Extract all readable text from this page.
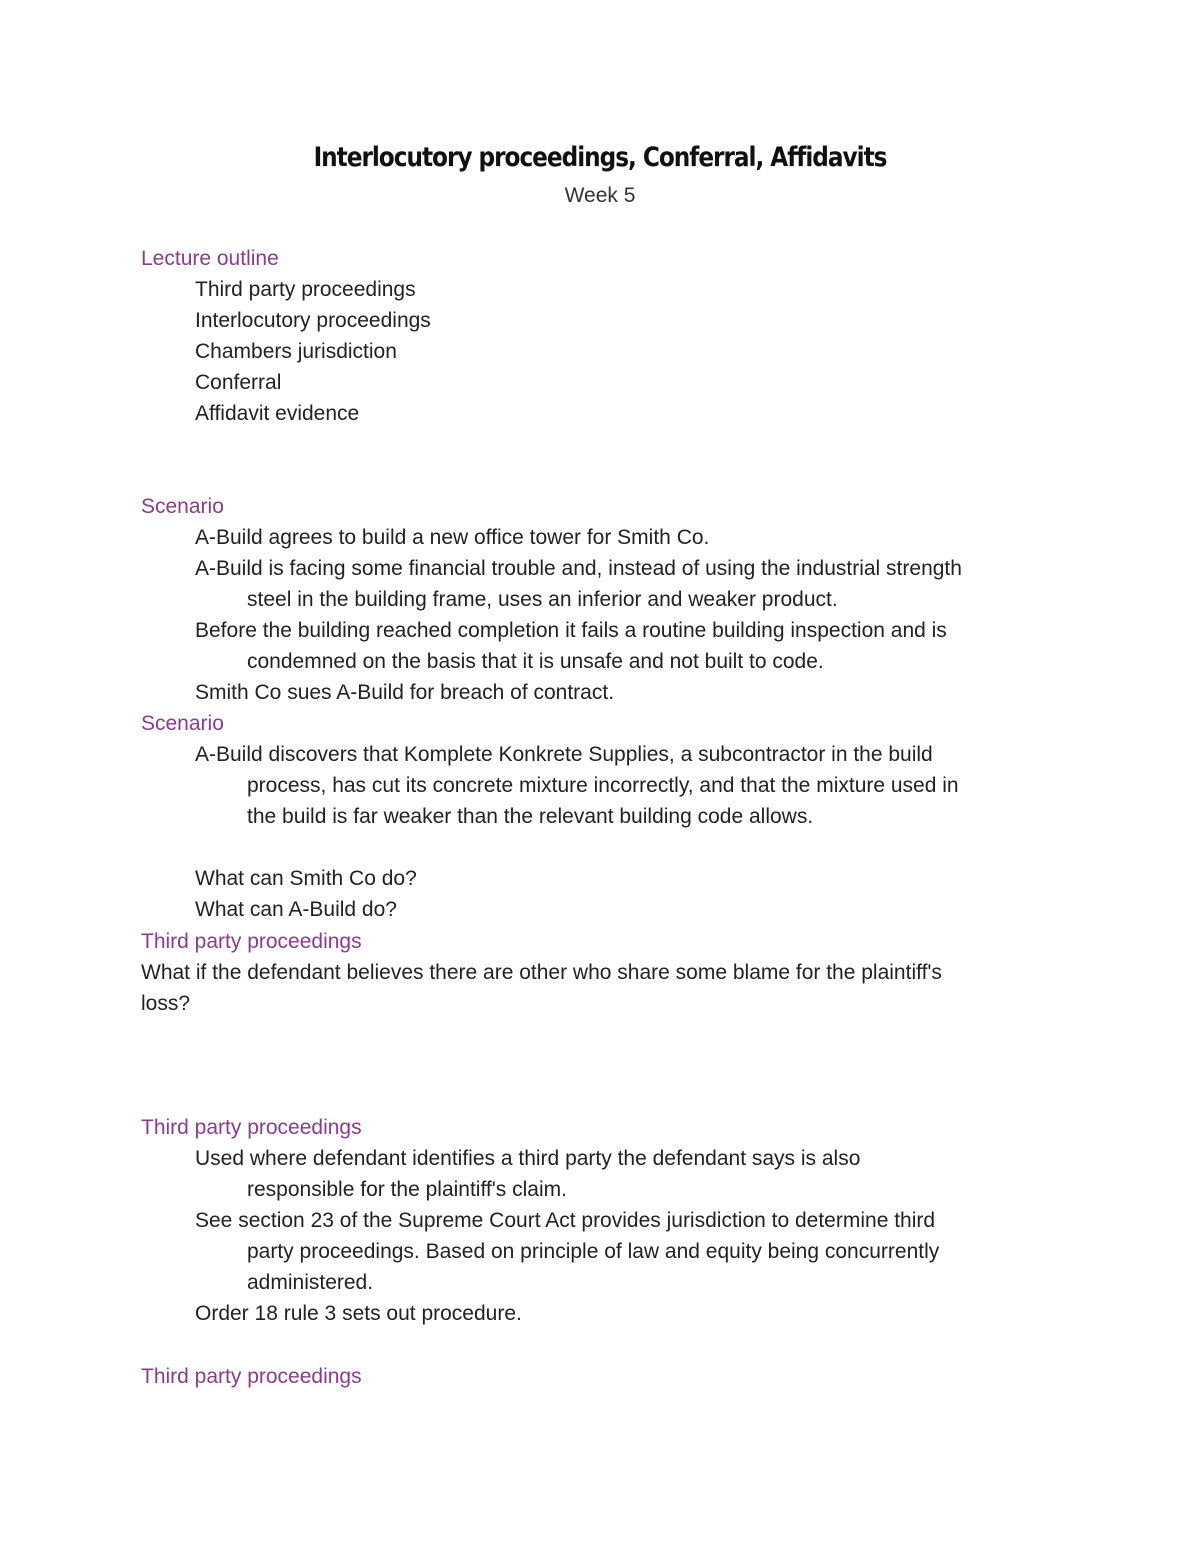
Interlocutory proceedings, Conferral, Affidavits
Week 5
Lecture outline
Third party proceedings
Interlocutory proceedings
Chambers jurisdiction
Conferral
Affidavit evidence
Scenario
A-Build agrees to build a new office tower for Smith Co.
A-Build is facing some financial trouble and, instead of using the industrial strength
steel in the building frame, uses an inferior and weaker product.
Before the building reached completion it fails a routine building inspection and is
condemned on the basis that it is unsafe and not built to code.
Smith Co sues A-Build for breach of contract.
Scenario
A-Build discovers that Komplete Konkrete Supplies, a subcontractor in the build
process, has cut its concrete mixture incorrectly, and that the mixture used in
the build is far weaker than the relevant building code allows.
What can Smith Co do?
What can A-Build do?
Third party proceedings
What if the defendant believes there are other who share some blame for the plaintiff's
loss?
Third party proceedings
Used where defendant identifies a third party the defendant says is also
responsible for the plaintiff's claim.
See section 23 of the Supreme Court Act provides jurisdiction to determine third
party proceedings. Based on principle of law and equity being concurrently
administered.
Order 18 rule 3 sets out procedure.
Third party proceedings
